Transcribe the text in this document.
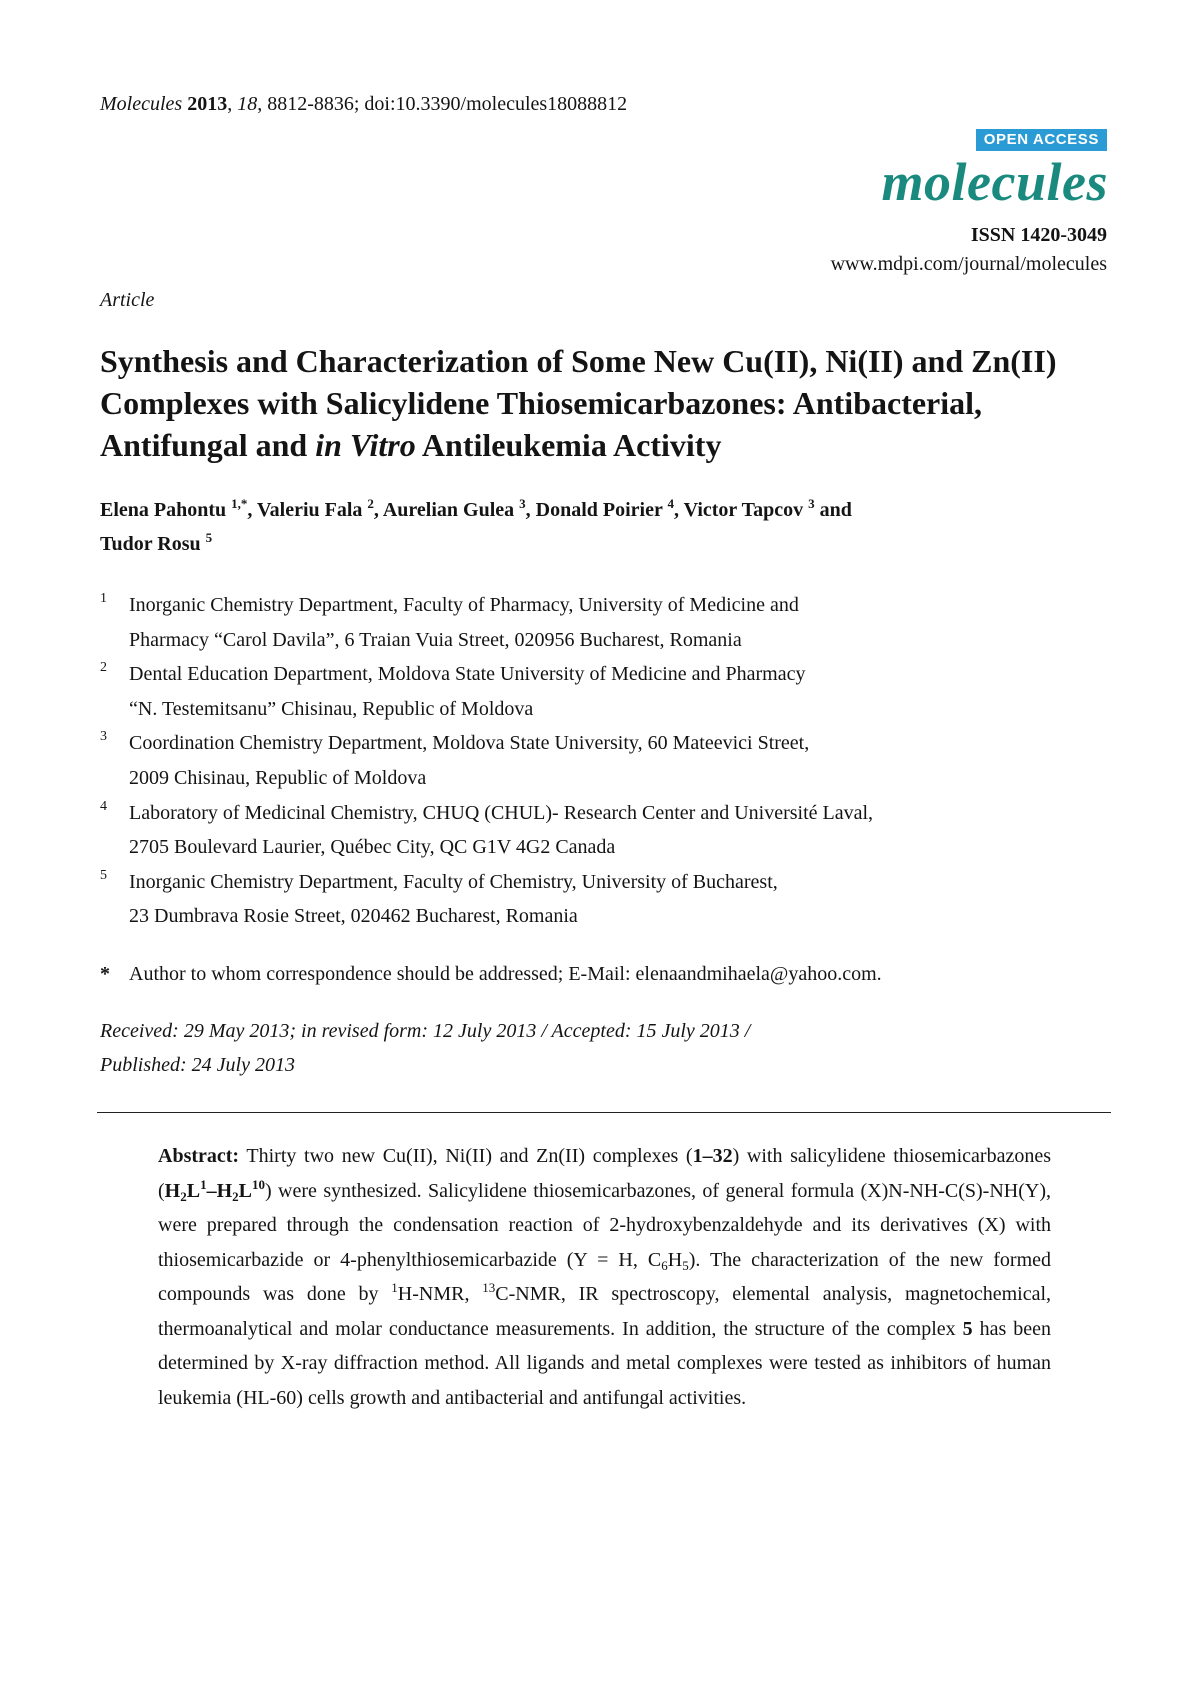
Molecules 2013, 18, 8812-8836; doi:10.3390/molecules18088812
OPEN ACCESS
molecules
ISSN 1420-3049
www.mdpi.com/journal/molecules
Article
Synthesis and Characterization of Some New Cu(II), Ni(II) and Zn(II) Complexes with Salicylidene Thiosemicarbazones: Antibacterial, Antifungal and in Vitro Antileukemia Activity
Elena Pahontu $^{1,*}$, Valeriu Fala $^2$, Aurelian Gulea $^3$, Donald Poirier $^4$, Victor Tapcov $^3$ and
Tudor Rosu $^5$
1 Inorganic Chemistry Department, Faculty of Pharmacy, University of Medicine and
Pharmacy “Carol Davila”, 6 Traian Vuia Street, 020956 Bucharest, Romania
2 Dental Education Department, Moldova State University of Medicine and Pharmacy
“N. Testemitsanu” Chisinau, Republic of Moldova
3 Coordination Chemistry Department, Moldova State University, 60 Mateevici Street,
2009 Chisinau, Republic of Moldova
4 Laboratory of Medicinal Chemistry, CHUQ (CHUL)- Research Center and Université Laval,
2705 Boulevard Laurier, Québec City, QC G1V 4G2 Canada
5 Inorganic Chemistry Department, Faculty of Chemistry, University of Bucharest,
23 Dumbrava Rosie Street, 020462 Bucharest, Romania
* Author to whom correspondence should be addressed; E-Mail: elenaandmihaela@yahoo.com.
Received: 29 May 2013; in revised form: 12 July 2013 / Accepted: 15 July 2013 /
Published: 24 July 2013
Abstract: Thirty two new Cu(II), Ni(II) and Zn(II) complexes (1–32) with salicylidene thiosemicarbazones $(H_2L^1-H_2L^{10})$ were synthesized. Salicylidene thiosemicarbazones, of general formula (X)N-NH-C(S)-NH(Y), were prepared through the condensation reaction of 2-hydroxybenzaldehyde and its derivatives (X) with thiosemicarbazide or 4-phenylthiosemicarbazide (Y = H, $C_6H_5$). The characterization of the new formed compounds was done by $^1$H-NMR, $^{13}$C-NMR, IR spectroscopy, elemental analysis, magnetochemical, thermoanalytical and molar conductance measurements. In addition, the structure of the complex 5 has been determined by X-ray diffraction method. All ligands and metal complexes were tested as inhibitors of human leukemia (HL-60) cells growth and antibacterial and antifungal activities.
